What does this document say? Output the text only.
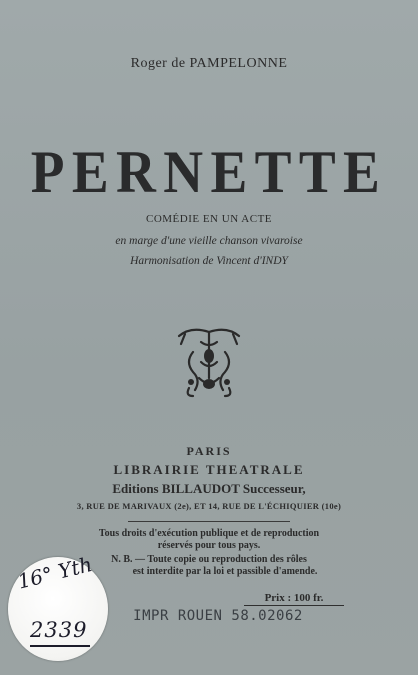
Roger de PAMPELONNE
PERNETTE
COMÉDIE EN UN ACTE
en marge d'une vieille chanson vivaroise
Harmonisation de Vincent d'INDY
PARIS
LIBRAIRIE THEATRALE
Editions BILLAUDOT Successeur,
3, RUE DE MARIVAUX (2e), ET 14, RUE DE L'ÉCHIQUIER (10e)
Tous droits d'exécution publique et de reproduction
réservés pour tous pays.
N. B. — Toute copie ou reproduction des rôles
est interdite par la loi et passible d'amende.
Prix : 100 fr.
IMPR ROUEN 58.02062
16° Yth
2339
